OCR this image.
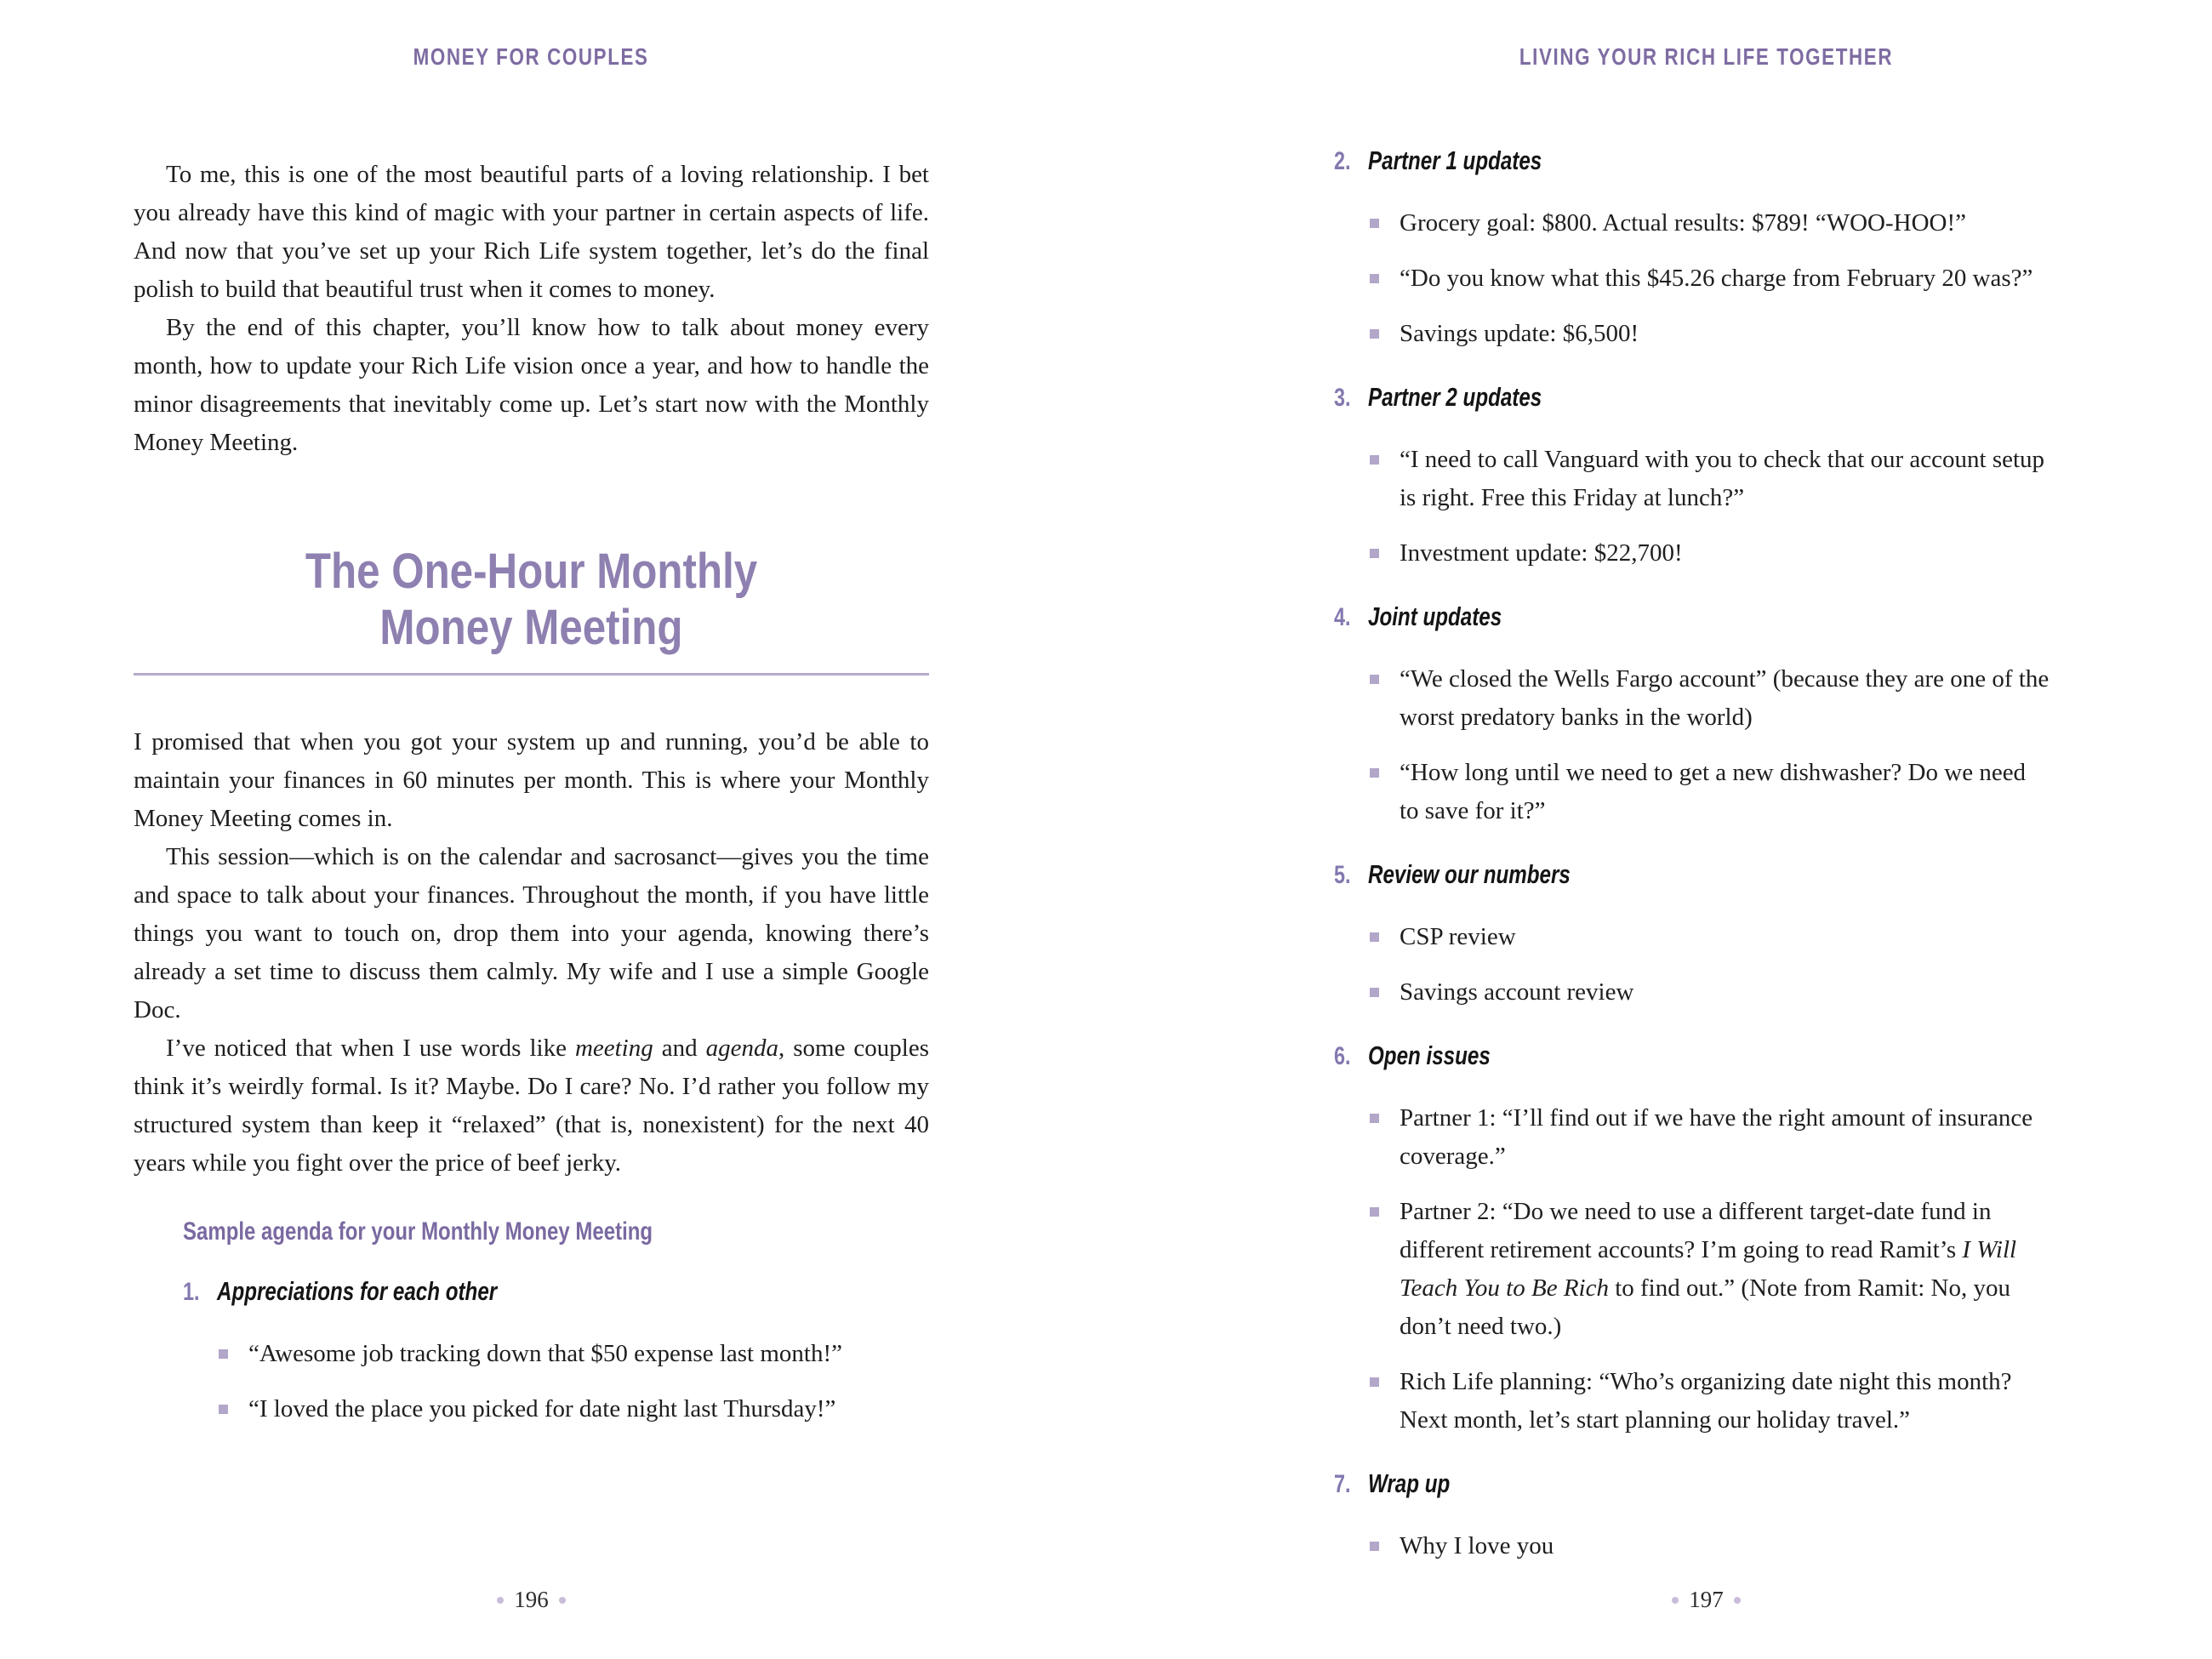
MONEY FOR COUPLES

To me, this is one of the most beautiful parts of a loving relationship. I bet you already have this kind of magic with your partner in certain aspects of life. And now that you’ve set up your Rich Life system together, let’s do the final polish to build that beautiful trust when it comes to money.

By the end of this chapter, you’ll know how to talk about money every month, how to update your Rich Life vision once a year, and how to handle the minor disagreements that inevitably come up. Let’s start now with the Monthly Money Meeting.

The One-Hour Monthly
Money Meeting

I promised that when you got your system up and running, you’d be able to maintain your finances in 60 minutes per month. This is where your Monthly Money Meeting comes in.

This session—which is on the calendar and sacrosanct—gives you the time and space to talk about your finances. Throughout the month, if you have little things you want to touch on, drop them into your agenda, knowing there’s already a set time to discuss them calmly. My wife and I use a simple Google Doc.

I’ve noticed that when I use words like meeting and agenda, some couples think it’s weirdly formal. Is it? Maybe. Do I care? No. I’d rather you follow my structured system than keep it “relaxed” (that is, nonexistent) for the next 40 years while you fight over the price of beef jerky.

Sample agenda for your Monthly Money Meeting
1. Appreciations for each other
“Awesome job tracking down that $50 expense last month!”
“I loved the place you picked for date night last Thursday!”
196
LIVING YOUR RICH LIFE TOGETHER
2. Partner 1 updates
Grocery goal: $800. Actual results: $789! “WOO-HOO!”
“Do you know what this $45.26 charge from February 20 was?”
Savings update: $6,500!
3. Partner 2 updates
“I need to call Vanguard with you to check that our account setup is right. Free this Friday at lunch?”
Investment update: $22,700!
4. Joint updates
“We closed the Wells Fargo account” (because they are one of the worst predatory banks in the world)
“How long until we need to get a new dishwasher? Do we need to save for it?”
5. Review our numbers
CSP review
Savings account review
6. Open issues
Partner 1: “I’ll find out if we have the right amount of insurance coverage.”
Partner 2: “Do we need to use a different target-date fund in different retirement accounts? I’m going to read Ramit’s I Will Teach You to Be Rich to find out.” (Note from Ramit: No, you don’t need two.)
Rich Life planning: “Who’s organizing date night this month? Next month, let’s start planning our holiday travel.”
7. Wrap up
Why I love you
197
